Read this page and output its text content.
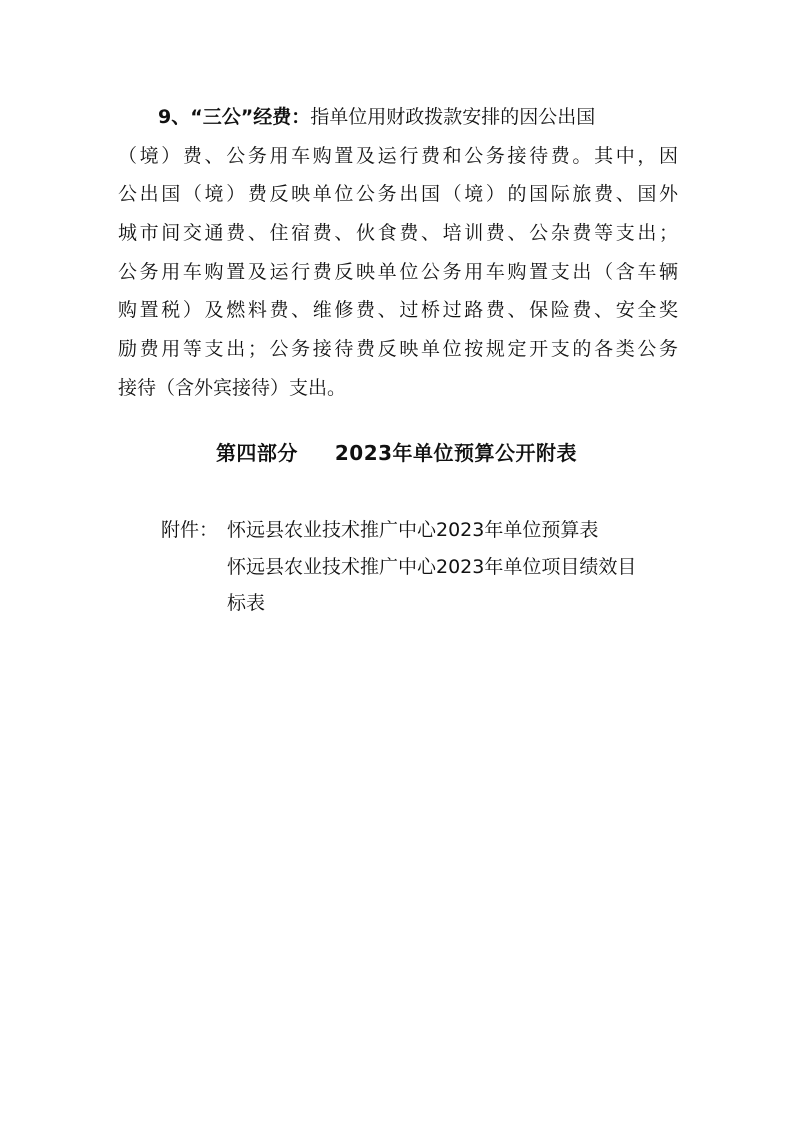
9、“三公”经费：指单位用财政拨款安排的因公出国
（境）费、公务用车购置及运行费和公务接待费。其中，因
公出国（境）费反映单位公务出国（境）的国际旅费、国外
城市间交通费、住宿费、伙食费、培训费、公杂费等支出；
公务用车购置及运行费反映单位公务用车购置支出（含车辆
购置税）及燃料费、维修费、过桥过路费、保险费、安全奖
励费用等支出；公务接待费反映单位按规定开支的各类公务
接待（含外宾接待）支出。
第四部分 2023年单位预算公开附表
附件： 怀远县农业技术推广中心2023年单位预算表
怀远县农业技术推广中心2023年单位项目绩效目
标表
